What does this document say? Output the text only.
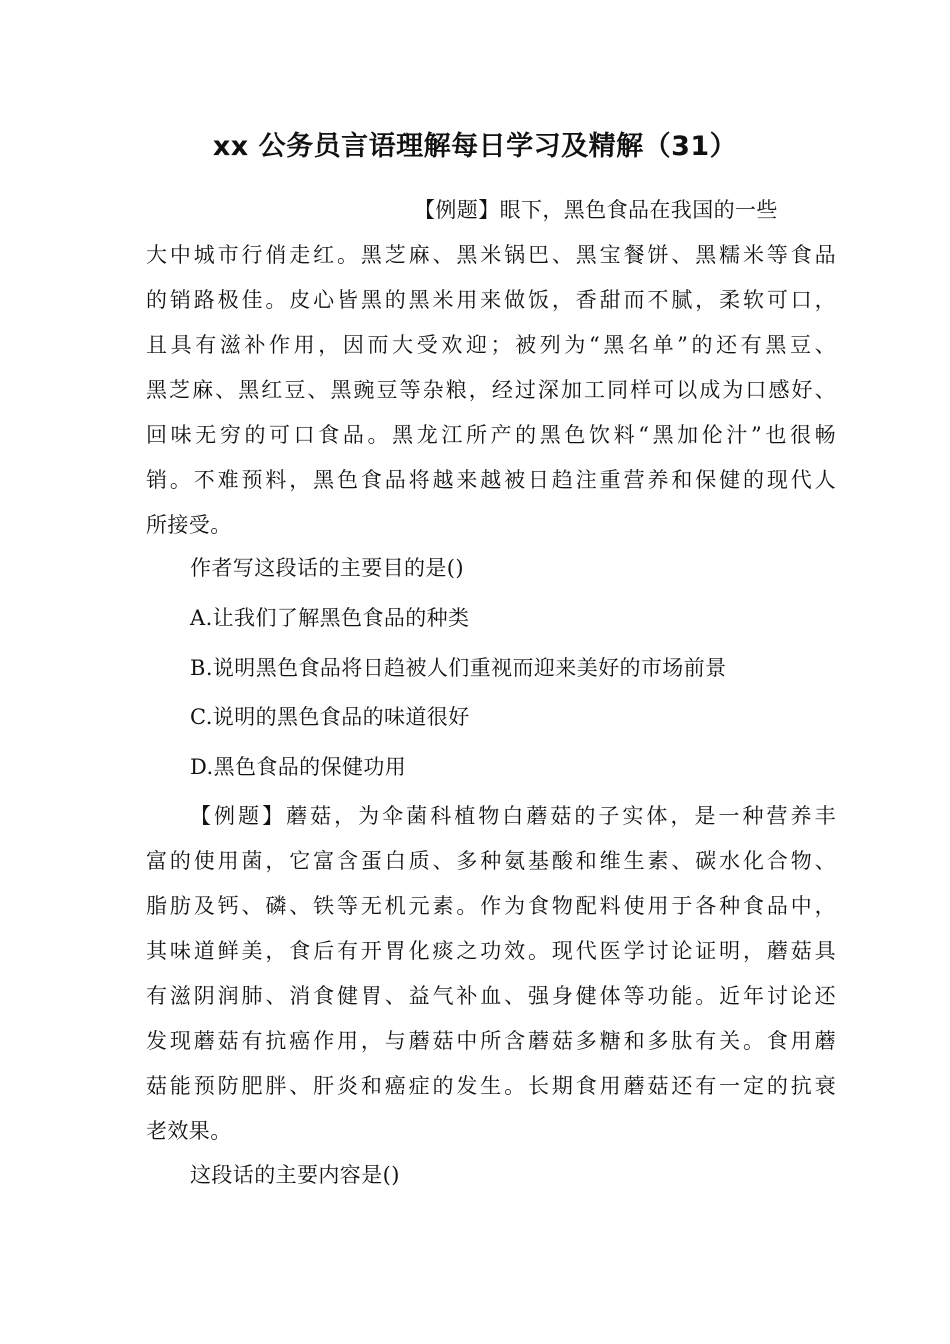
xx 公务员言语理解每日学习及精解（31）
【例题】眼下，黑色食品在我国的一些
大中城市行俏走红。黑芝麻、黑米锅巴、黑宝餐饼、黑糯米等食品
的销路极佳。皮心皆黑的黑米用来做饭，香甜而不腻，柔软可口，
且具有滋补作用，因而大受欢迎；被列为“黑名单”的还有黑豆、
黑芝麻、黑红豆、黑豌豆等杂粮，经过深加工同样可以成为口感好、
回味无穷的可口食品。黑龙江所产的黑色饮料“黑加伦汁”也很畅
销。不难预料，黑色食品将越来越被日趋注重营养和保健的现代人
所接受。
作者写这段话的主要目的是()
A.让我们了解黑色食品的种类
B.说明黑色食品将日趋被人们重视而迎来美好的市场前景
C.说明的黑色食品的味道很好
D.黑色食品的保健功用
【例题】蘑菇，为伞菌科植物白蘑菇的子实体，是一种营养丰
富的使用菌，它富含蛋白质、多种氨基酸和维生素、碳水化合物、
脂肪及钙、磷、铁等无机元素。作为食物配料使用于各种食品中，
其味道鲜美，食后有开胃化痰之功效。现代医学讨论证明，蘑菇具
有滋阴润肺、消食健胃、益气补血、强身健体等功能。近年讨论还
发现蘑菇有抗癌作用，与蘑菇中所含蘑菇多糖和多肽有关。食用蘑
菇能预防肥胖、肝炎和癌症的发生。长期食用蘑菇还有一定的抗衰
老效果。
这段话的主要内容是()
